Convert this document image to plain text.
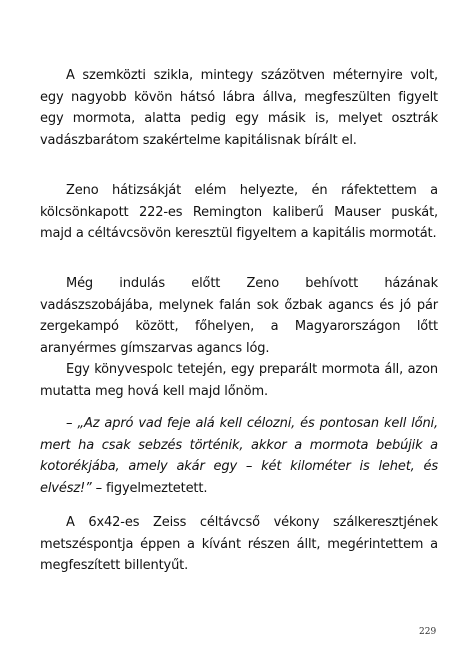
A szemközti szikla, mintegy százötven méternyire volt, egy nagyobb kövön hátsó lábra állva, megfeszülten figyelt egy mormota, alatta pedig egy másik is, melyet osztrák vadászbarátom szakértelme kapitálisnak bírált el.

Zeno hátizsákját elém helyezte, én ráfektettem a kölcsönkapott 222-es Remington kaliberű Mauser puskát, majd a céltávcsövön keresztül figyeltem a kapitális mormotát.

Még indulás előtt Zeno behívott házának vadászszobájába, melynek falán sok őzbak agancs és jó pár zergekampó között, főhelyen, a Magyarországon lőtt aranyérmes gímszarvas agancs lóg.

Egy könyvespolc tetején, egy preparált mormota áll, azon mutatta meg hová kell majd lőnöm.

– „Az apró vad feje alá kell célozni, és pontosan kell lőni, mert ha csak sebzés történik, akkor a mormota bebújik a kotorékjába, amely akár egy – két kilométer is lehet, és elvész!” – figyelmeztetett.

A 6x42-es Zeiss céltávcső vékony szálkeresztjének metszéspontja éppen a kívánt részen állt, megérintettem a megfeszített billentyűt.

229
